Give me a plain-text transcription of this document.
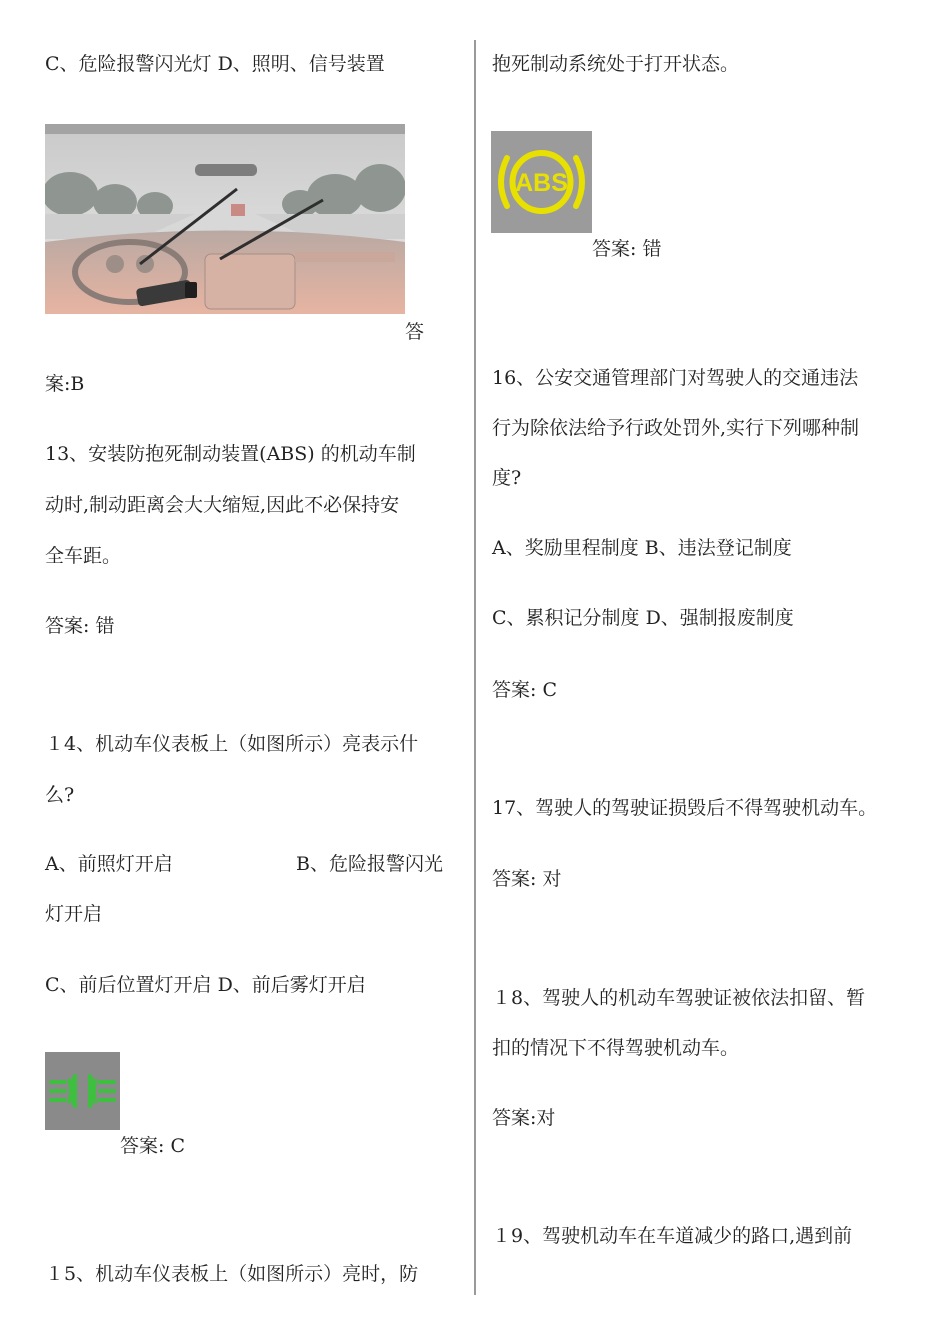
C、危险报警闪光灯 D、照明、信号装置
答
案:B
13、安装防抱死制动装置(ABS) 的机动车制
动时,制动距离会大大缩短,因此不必保持安
全车距。
答案: 错
１4、机动车仪表板上（如图所示）亮表示什
么?
A、前照灯开启	B、危险报警闪光
灯开启
C、前后位置灯开启 D、前后雾灯开启
答案: C
１5、机动车仪表板上（如图所示）亮时，防
抱死制动系统处于打开状态。
ABS
答案: 错
16、公安交通管理部门对驾驶人的交通违法
行为除依法给予行政处罚外,实行下列哪种制
度?
A、奖励里程制度 B、违法登记制度
C、累积记分制度 D、强制报废制度
答案: C
17、驾驶人的驾驶证损毁后不得驾驶机动车。
答案: 对
１8、驾驶人的机动车驾驶证被依法扣留、暂
扣的情况下不得驾驶机动车。
答案:对
１9、驾驶机动车在车道减少的路口,遇到前
